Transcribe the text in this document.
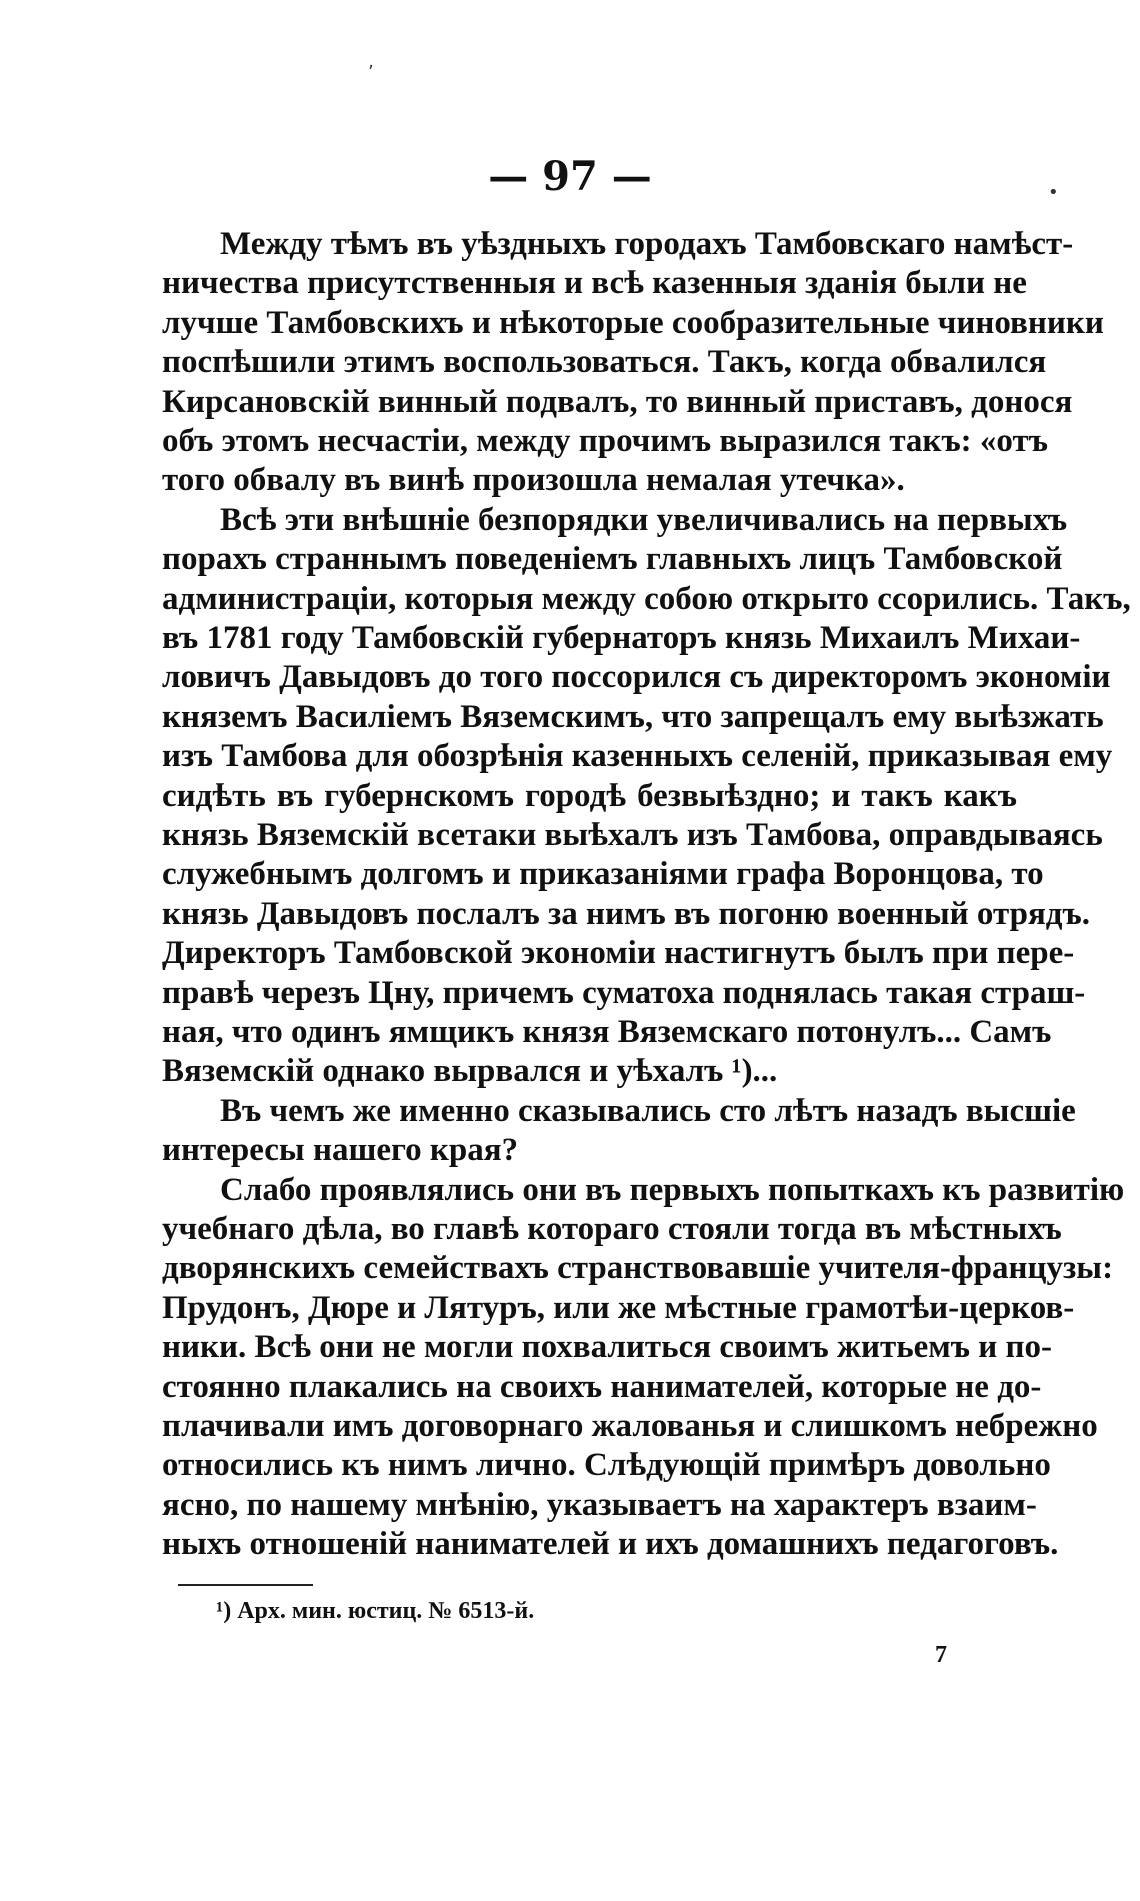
ʼ
•
— 97 —
Между тѣмъ въ уѣздныхъ городахъ Тамбовскаго намѣст-
ничества присутственныя и всѣ казенныя зданія были не
лучше Тамбовскихъ и нѣкоторые сообразительные чиновники
поспѣшили этимъ воспользоваться. Такъ, когда обвалился
Кирсановскій винный подвалъ, то винный приставъ, донося
объ этомъ несчастіи, между прочимъ выразился такъ: «отъ
того обвалу въ винѣ произошла немалая утечка».
Всѣ эти внѣшніе безпорядки увеличивались на первыхъ
порахъ страннымъ поведеніемъ главныхъ лицъ Тамбовской
администраціи, которыя между собою открыто ссорились. Такъ,
въ 1781 году Тамбовскій губернаторъ князь Михаилъ Михаи-
ловичъ Давыдовъ до того поссорился съ директоромъ экономіи
княземъ Василіемъ Вяземскимъ, что запрещалъ ему выѣзжать
изъ Тамбова для обозрѣнія казенныхъ селеній, приказывая ему
сидѣть въ губернскомъ городѣ безвыѣздно; и такъ какъ
князь Вяземскій всетаки выѣхалъ изъ Тамбова, оправдываясь
служебнымъ долгомъ и приказаніями графа Воронцова, то
князь Давыдовъ послалъ за нимъ въ погоню военный отрядъ.
Директоръ Тамбовской экономіи настигнутъ былъ при пере-
правѣ черезъ Цну, причемъ суматоха поднялась такая страш-
ная, что одинъ ямщикъ князя Вяземскаго потонулъ... Самъ
Вяземскій однако вырвался и уѣхалъ ¹)...
Въ чемъ же именно сказывались сто лѣтъ назадъ высшіе
интересы нашего края?
Слабо проявлялись они въ первыхъ попыткахъ къ развитію
учебнаго дѣла, во главѣ котораго стояли тогда въ мѣстныхъ
дворянскихъ семействахъ странствовавшіе учителя-французы:
Прудонъ, Дюре и Лятуръ, или же мѣстные грамотѣи-церков-
ники. Всѣ они не могли похвалиться своимъ житьемъ и по-
стоянно плакались на своихъ нанимателей, которые не до-
плачивали имъ договорнаго жалованья и слишкомъ небрежно
относились къ нимъ лично. Слѣдующій примѣръ довольно
ясно, по нашему мнѣнію, указываетъ на характеръ взаим-
ныхъ отношеній нанимателей и ихъ домашнихъ педагоговъ.
¹) Арх. мин. юстиц. № 6513-й.
7
